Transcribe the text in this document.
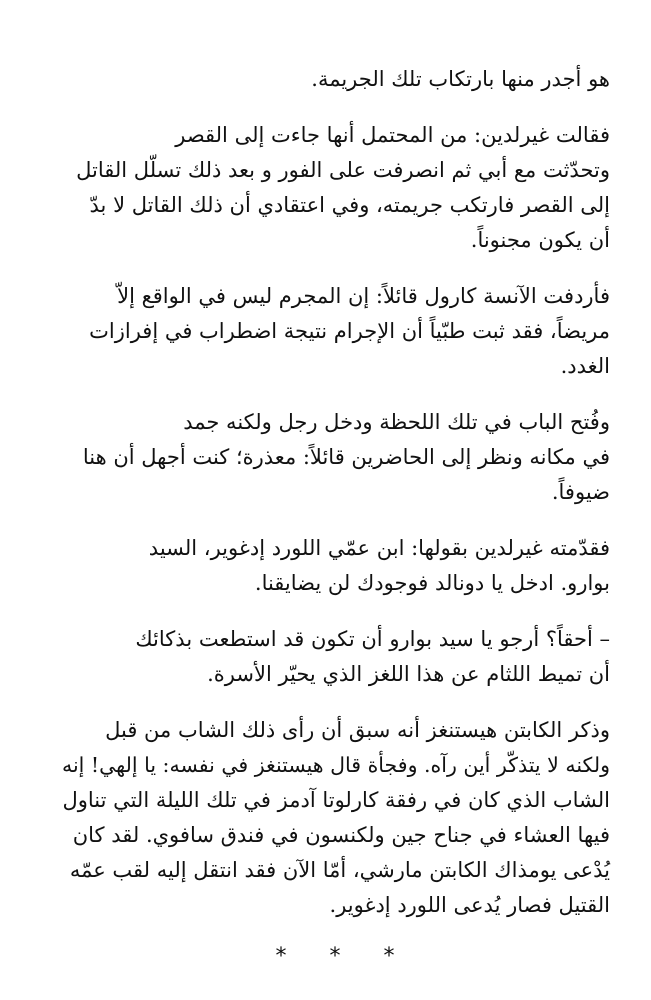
هو أجدر منها بارتكاب تلك الجريمة.
فقالت غيرلدين: من المحتمل أنها جاءت إلى القصر
وتحدّثت مع أبي ثم انصرفت على الفور و بعد ذلك تسلّل القاتل
إلى القصر فارتكب جريمته، وفي اعتقادي أن ذلك القاتل لا بدّ
أن يكون مجنوناً.
فأردفت الآنسة كارول قائلاً: إن المجرم ليس في الواقع إلاّ
مريضاً، فقد ثبت طبّياً أن الإجرام نتيجة اضطراب في إفرازات
الغدد.
وفُتح الباب في تلك اللحظة ودخل رجل ولكنه جمد
في مكانه ونظر إلى الحاضرين قائلاً: معذرة؛ كنت أجهل أن هنا
ضيوفاً.
فقدّمته غيرلدين بقولها: ابن عمّي اللورد إدغوير، السيد
بوارو. ادخل يا دونالد فوجودك لن يضايقنا.
– أحقاً؟ أرجو يا سيد بوارو أن تكون قد استطعت بذكائك
أن تميط اللثام عن هذا اللغز الذي يحيّر الأسرة.
وذكر الكابتن هيستنغز أنه سبق أن رأى ذلك الشاب من قبل
ولكنه لا يتذكّر أين رآه. وفجأة قال هيستنغز في نفسه: يا إلهي! إنه
الشاب الذي كان في رفقة كارلوتا آدمز في تلك الليلة التي تناول
فيها العشاء في جناح جين ولكنسون في فندق سافوي. لقد كان
يُدْعى يومذاك الكابتن مارشي، أمّا الآن فقد انتقل إليه لقب عمّه
القتيل فصار يُدعى اللورد إدغوير.
* * *
